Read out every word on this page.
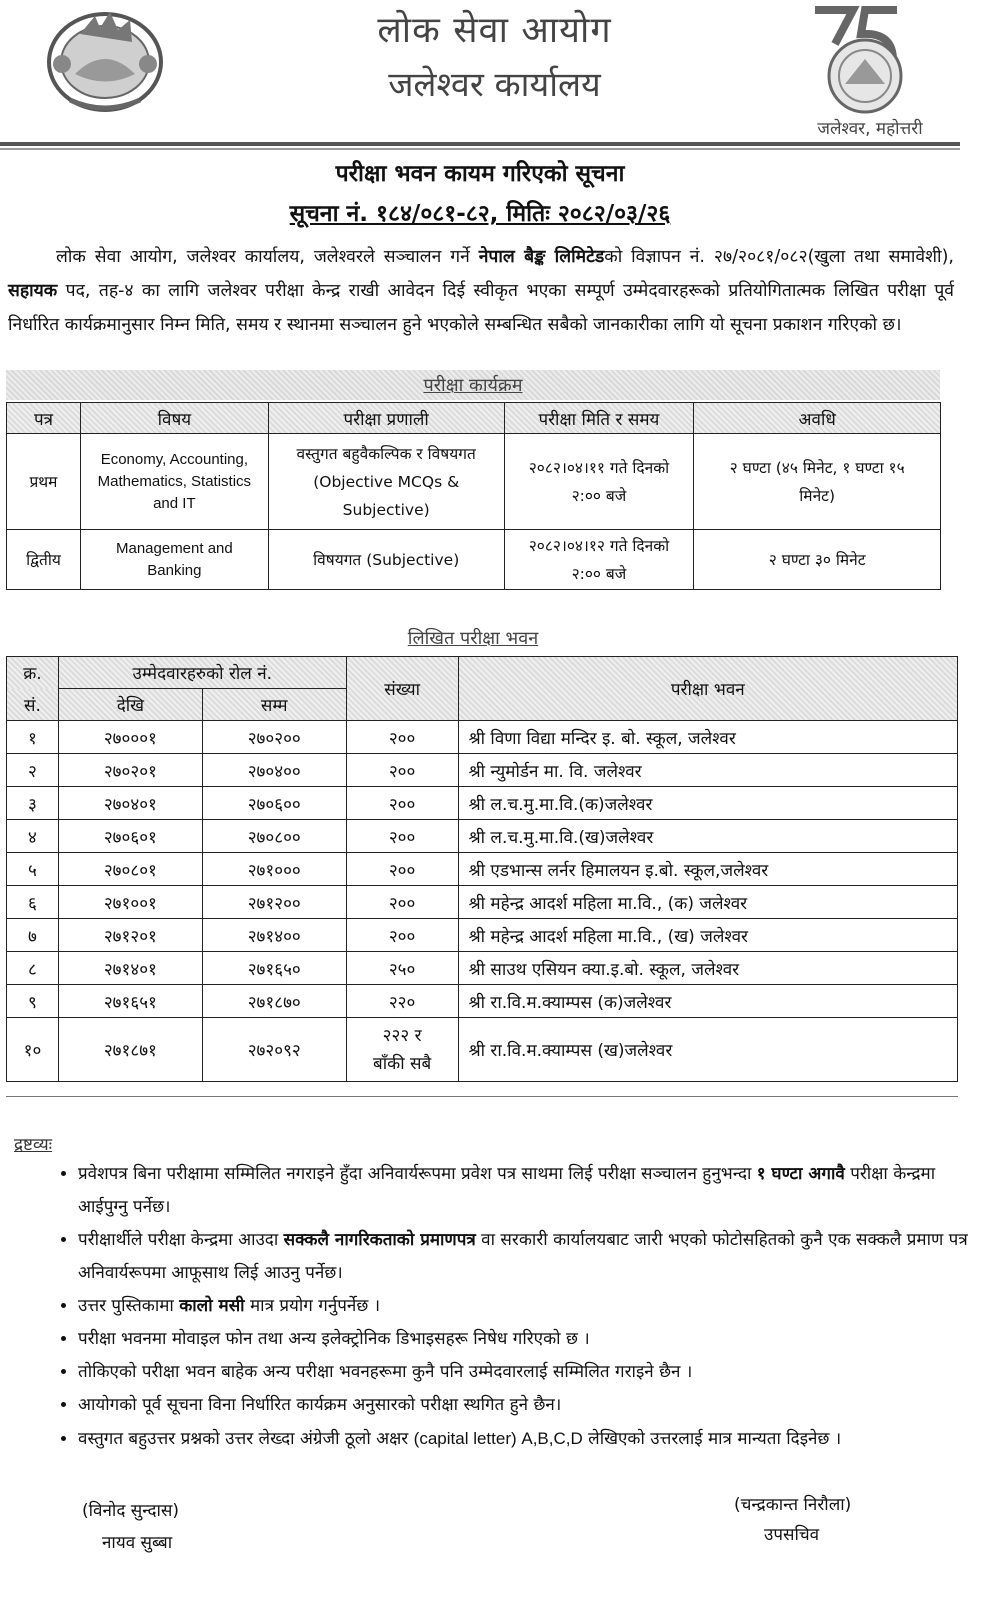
लोक सेवा आयोग
जलेश्वर कार्यालय
जलेश्वर, महोत्तरी
परीक्षा भवन कायम गरिएको सूचना
सूचना नं. १८४/०८१-८२, मितिः २०८२/०३/२६
लोक सेवा आयोग, जलेश्वर कार्यालय, जलेश्वरले सञ्चालन गर्ने नेपाल बैङ्क लिमिटेडको विज्ञापन नं. २७/२०८१/०८२(खुला तथा समावेशी), सहायक पद, तह-४ का लागि जलेश्वर परीक्षा केन्द्र राखी आवेदन दिई स्वीकृत भएका सम्पूर्ण उम्मेदवारहरूको प्रतियोगितात्मक लिखित परीक्षा पूर्व निर्धारित कार्यक्रमानुसार निम्न मिति, समय र स्थानमा सञ्चालन हुने भएकोले सम्बन्धित सबैको जानकारीका लागि यो सूचना प्रकाशन गरिएको छ।
परीक्षा कार्यक्रम
पत्र	विषय	परीक्षा प्रणाली	परीक्षा मिति र समय	अवधि
प्रथम	Economy, Accounting, Mathematics, Statistics and IT	वस्तुगत बहुवैकल्पिक र विषयगत (Objective MCQs & Subjective)	२०८२।०४।११ गते दिनको २:०० बजे	२ घण्टा (४५ मिनेट, १ घण्टा १५ मिनेट)
द्वितीय	Management and Banking	विषयगत (Subjective)	२०८२।०४।१२ गते दिनको २:०० बजे	२ घण्टा ३० मिनेट
लिखित परीक्षा भवन
क्र.	उम्मेदवारहरुको रोल नं.		संख्या	परीक्षा भवन
सं.	देखि	सम्म		
१	२७०००१	२७०२००	२००	श्री विणा विद्या मन्दिर इ. बो. स्कूल, जलेश्वर
२	२७०२०१	२७०४००	२००	श्री न्युमोर्डन मा. वि. जलेश्वर
३	२७०४०१	२७०६००	२००	श्री ल.च.मु.मा.वि.(क)जलेश्वर
४	२७०६०१	२७०८००	२००	श्री ल.च.मु.मा.वि.(ख)जलेश्वर
५	२७०८०१	२७१०००	२००	श्री एडभान्स लर्नर हिमालयन इ.बो. स्कूल,जलेश्वर
६	२७१००१	२७१२००	२००	श्री महेन्द्र आदर्श महिला मा.वि., (क) जलेश्वर
७	२७१२०१	२७१४००	२००	श्री महेन्द्र आदर्श महिला मा.वि., (ख) जलेश्वर
८	२७१४०१	२७१६५०	२५०	श्री साउथ एसियन क्या.इ.बो. स्कूल, जलेश्वर
९	२७१६५१	२७१८७०	२२०	श्री रा.वि.म.क्याम्पस (क)जलेश्वर
१०	२७१८७१	२७२०९२	२२२ र बाँकी सबै	श्री रा.वि.म.क्याम्पस (ख)जलेश्वर
द्रष्टव्यः
• प्रवेशपत्र बिना परीक्षामा सम्मिलित नगराइने हुँदा अनिवार्यरूपमा प्रवेश पत्र साथमा लिई परीक्षा सञ्चालन हुनुभन्दा १ घण्टा अगावै परीक्षा केन्द्रमा आईपुग्नु पर्नेछ।
• परीक्षार्थीले परीक्षा केन्द्रमा आउदा सक्कलै नागरिकताको प्रमाणपत्र वा सरकारी कार्यालयबाट जारी भएको फोटोसहितको कुनै एक सक्कलै प्रमाण पत्र अनिवार्यरूपमा आफूसाथ लिई आउनु पर्नेछ।
• उत्तर पुस्तिकामा कालो मसी मात्र प्रयोग गर्नुपर्नेछ ।
• परीक्षा भवनमा मोवाइल फोन तथा अन्य इलेक्ट्रोनिक डिभाइसहरू निषेध गरिएको छ ।
• तोकिएको परीक्षा भवन बाहेक अन्य परीक्षा भवनहरूमा कुनै पनि उम्मेदवारलाई सम्मिलित गराइने छैन ।
• आयोगको पूर्व सूचना विना निर्धारित कार्यक्रम अनुसारको परीक्षा स्थगित हुने छैन।
• वस्तुगत बहुउत्तर प्रश्नको उत्तर लेख्दा अंग्रेजी ठूलो अक्षर (capital letter) A,B,C,D लेखिएको उत्तरलाई मात्र मान्यता दिइनेछ ।
(विनोद सुन्दास)
नायव सुब्बा
(चन्द्रकान्त निरौला)
उपसचिव
